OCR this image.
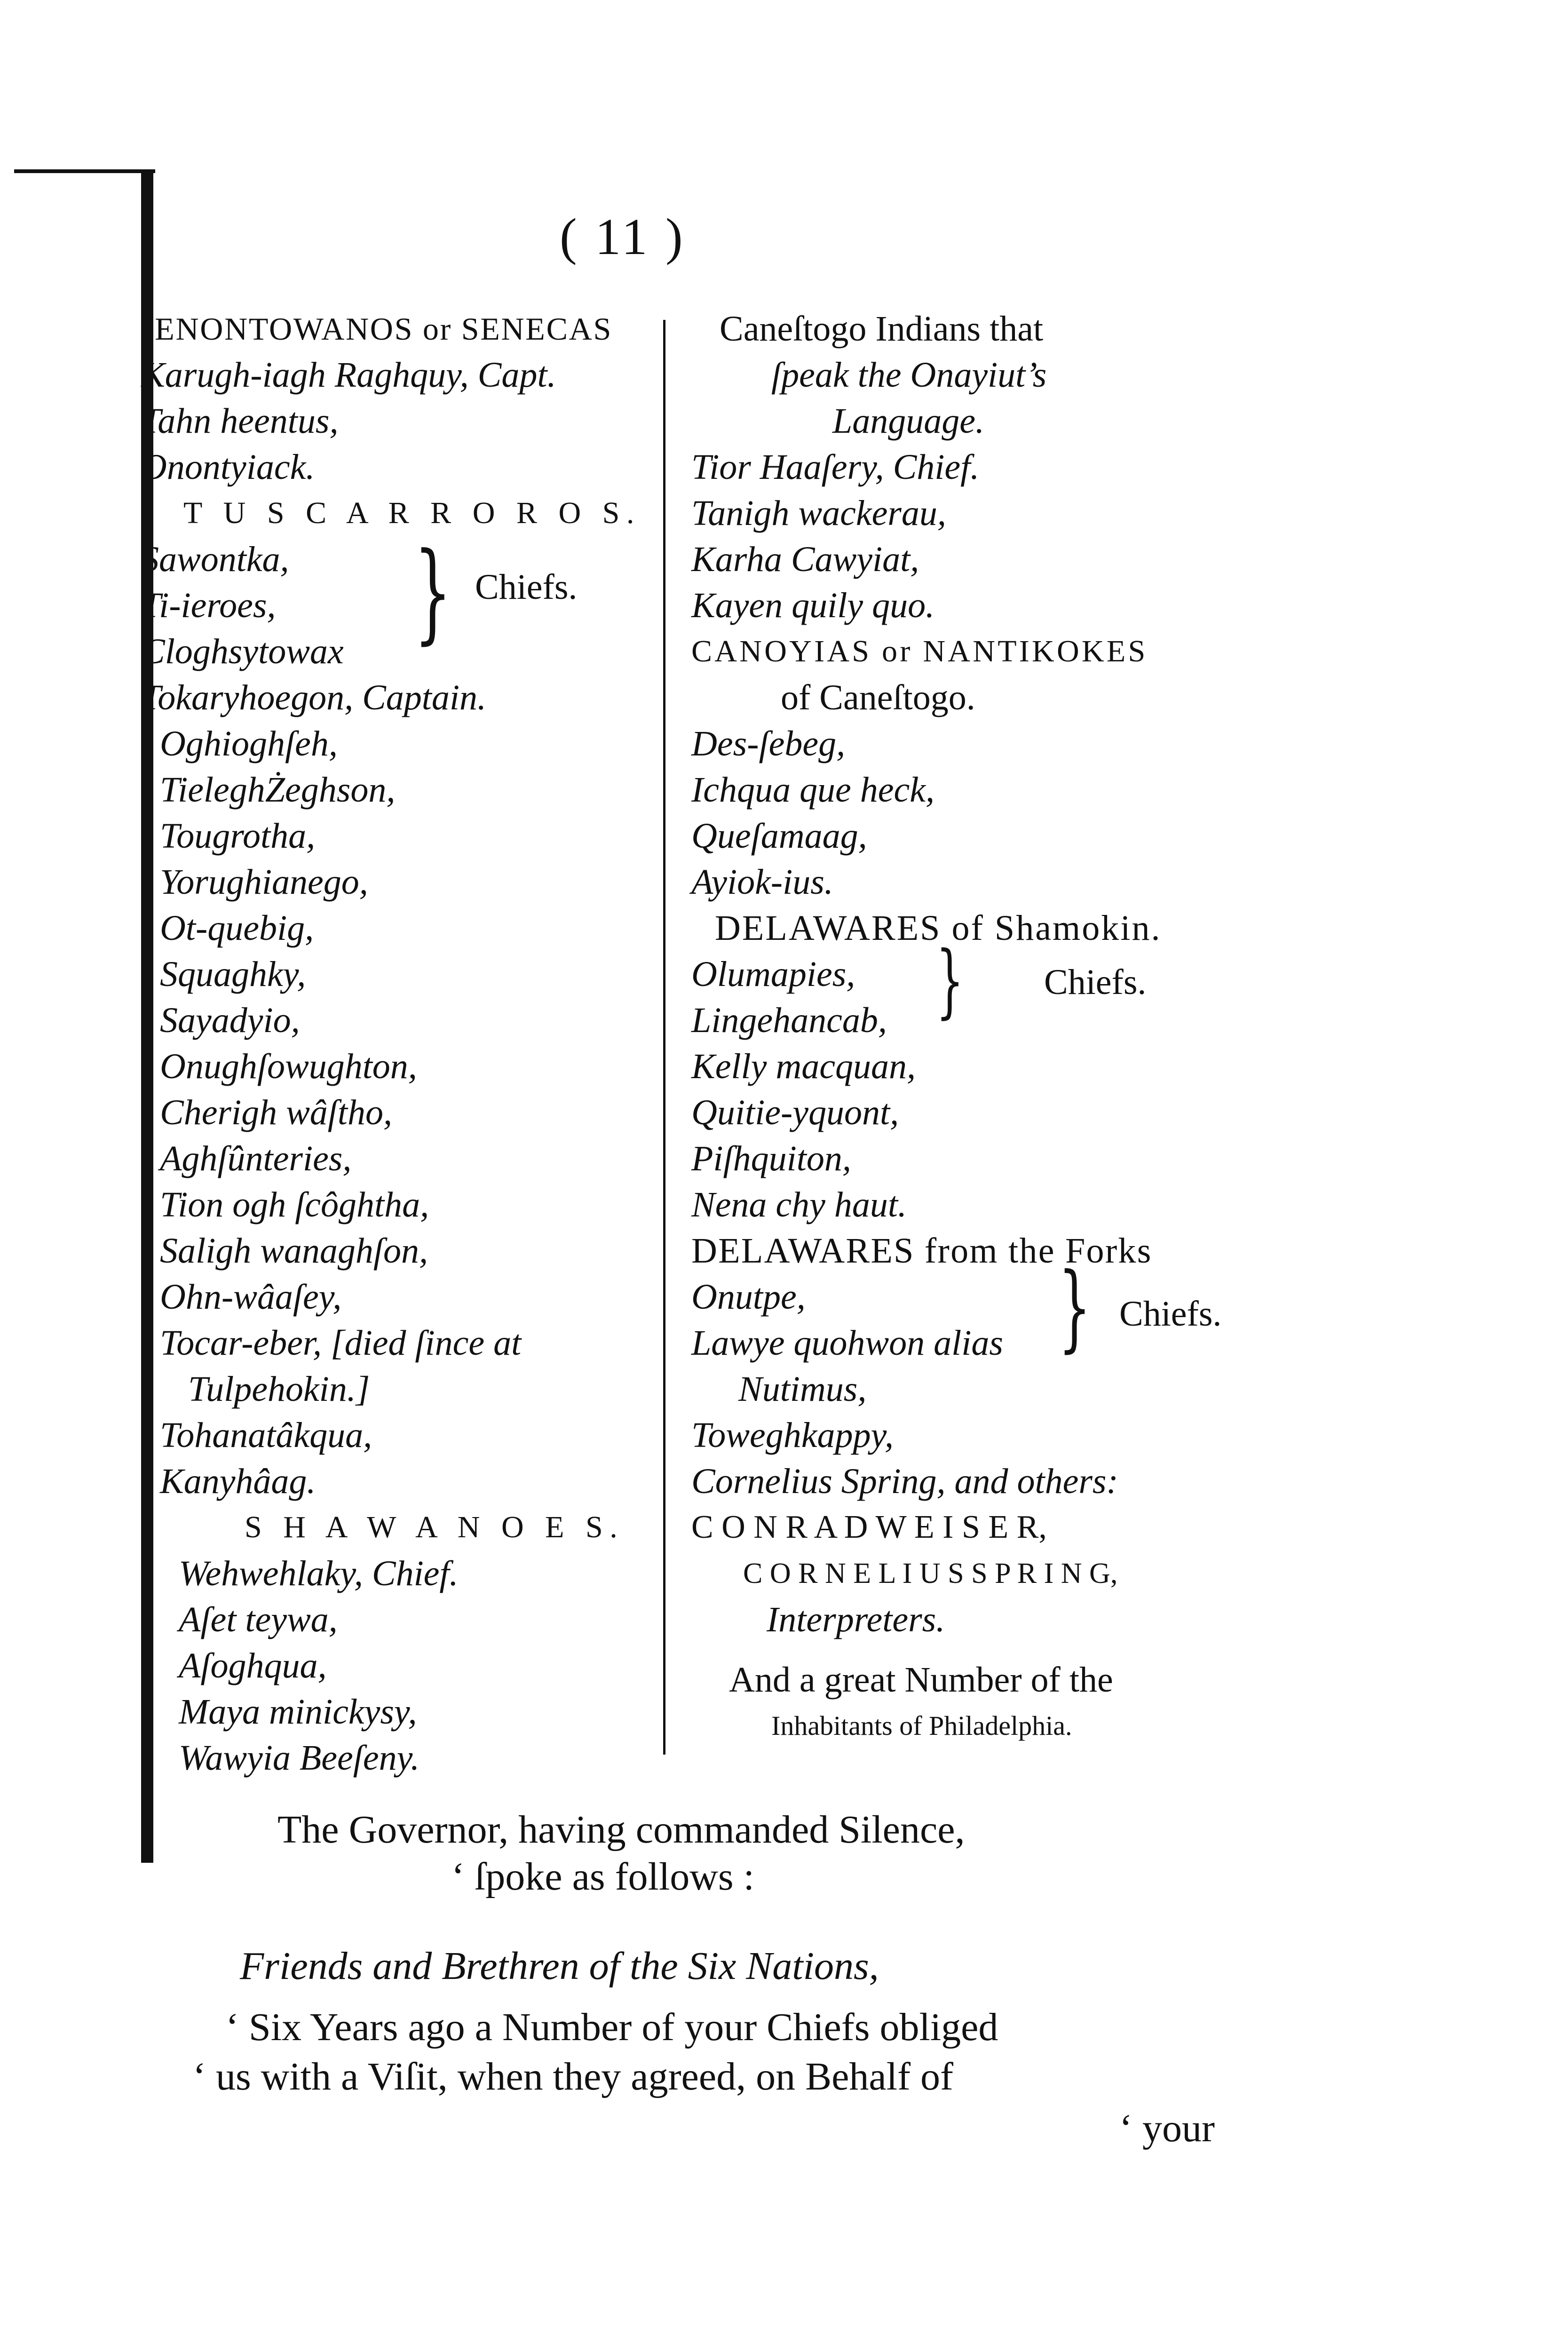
( 11 )
JENONTOWANOS or SENECAS
Karugh-iagh Raghquy, Capt.
Tahn heentus,
Onontyiack.
T U S C A R R O R O S.
Sawontka,
Ti-ieroes,
Cloghsytowax
Tokaryhoegon, Captain.
Oghioghſeh,
TieleghŻeghson,
Tougrotha,
Yorughianego,
Ot-quebig,
Squaghky,
Sayadyio,
Onughſowughton,
Cherigh wâſtho,
Aghſûnteries,
Tion ogh ſcôghtha,
Saligh wanaghſon,
Ohn-wâaſey,
Tocar-eber, [died ſince at
Tulpehokin.]
Tohanatâkqua,
Kanyhâag.
S H A W A N O E S.
Wehwehlaky, Chief.
Aſet teywa,
Aſoghqua,
Maya minickysy,
Wawyia Beeſeny.
} Chiefs.
Caneſtogo Indians that
ſpeak the Onayiut’s
Language.
Tior Haaſery, Chief.
Tanigh wackerau,
Karha Cawyiat,
Kayen quily quo.
CANOYIAS or NANTIKOKES
of Caneſtogo.
Des-ſebeg,
Ichqua que heck,
Queſamaag,
Ayiok-ius.
DELAWARES of Shamokin.
Olumapies,
Lingehancab,
Kelly macquan,
Quitie-yquont,
Piſhquiton,
Nena chy haut.
DELAWARES from the Forks
Onutpe,
Lawye quohwon alias
Nutimus,
Toweghkappy,
Cornelius Spring, and others:
C O N R A D W E I S E R,
C O R N E L I U S S P R I N G,
Interpreters.
And a great Number of the
Inhabitants of Philadelphia.
} Chiefs.
} Chiefs.
The Governor, having commanded Silence,
‘ ſpoke as follows :
Friends and Brethren of the Six Nations,
‘ Six Years ago a Number of your Chiefs obliged
‘ us with a Viſit, when they agreed, on Behalf of
‘ your
